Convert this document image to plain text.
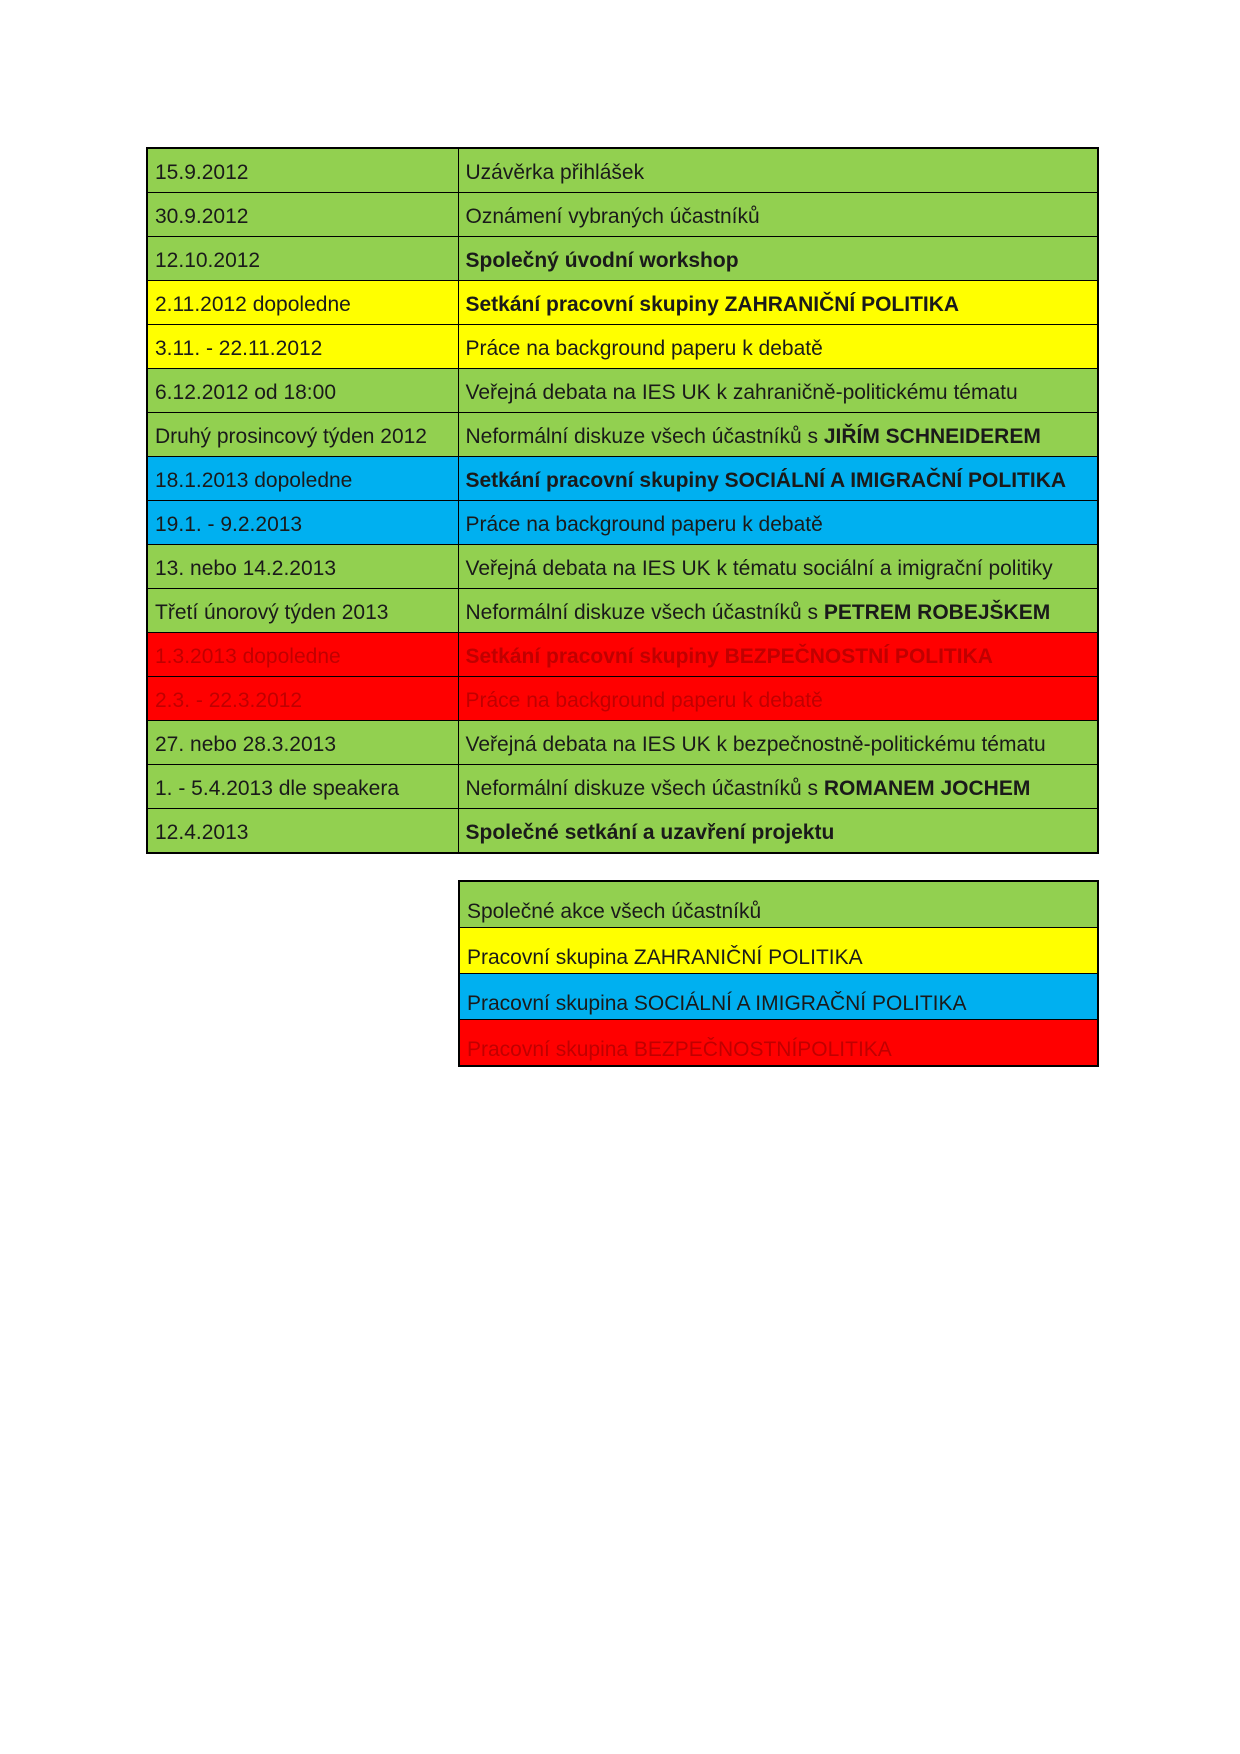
15.9.2012	Uzávěrka přihlášek
30.9.2012	Oznámení vybraných účastníků
12.10.2012	Společný úvodní workshop
2.11.2012 dopoledne	Setkání pracovní skupiny ZAHRANIČNÍ POLITIKA
3.11. - 22.11.2012	Práce na background paperu k debatě
6.12.2012 od 18:00	Veřejná debata na IES UK k zahraničně-politickému tématu
Druhý prosincový týden 2012	Neformální diskuze všech účastníků s JIŘÍM SCHNEIDEREM
18.1.2013 dopoledne	Setkání pracovní skupiny SOCIÁLNÍ A IMIGRAČNÍ POLITIKA
19.1. - 9.2.2013	Práce na background paperu k debatě
13. nebo 14.2.2013	Veřejná debata na IES UK k tématu sociální a imigrační politiky
Třetí únorový týden 2013	Neformální diskuze všech účastníků s PETREM ROBEJŠKEM
1.3.2013 dopoledne	Setkání pracovní skupiny BEZPEČNOSTNÍ POLITIKA
2.3. - 22.3.2012	Práce na background paperu k debatě
27. nebo 28.3.2013	Veřejná debata na IES UK k bezpečnostně-politickému tématu
1. - 5.4.2013 dle speakera	Neformální diskuze všech účastníků s ROMANEM JOCHEM
12.4.2013	Společné setkání a uzavření projektu
Společné akce všech účastníků
Pracovní skupina ZAHRANIČNÍ POLITIKA
Pracovní skupina SOCIÁLNÍ A IMIGRAČNÍ POLITIKA
Pracovní skupina BEZPEČNOSTNÍPOLITIKA
